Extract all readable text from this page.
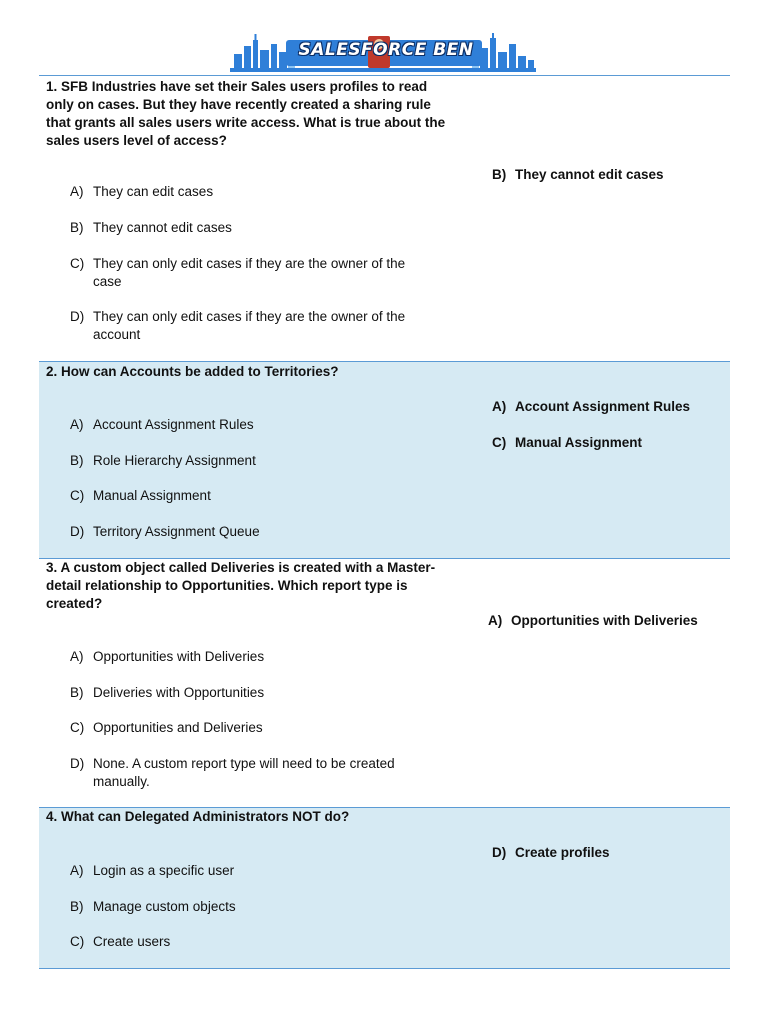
SALESFORCE BEN
1. SFB Industries have set their Sales users profiles to read only on cases. But they have recently created a sharing rule that grants all sales users write access. What is true about the sales users level of access?
A) They can edit cases
B) They cannot edit cases
C) They can only edit cases if they are the owner of the case
D) They can only edit cases if they are the owner of the account
B) They cannot edit cases
2. How can Accounts be added to Territories?
A) Account Assignment Rules
B) Role Hierarchy Assignment
C) Manual Assignment
D) Territory Assignment Queue
A) Account Assignment Rules
C) Manual Assignment
3. A custom object called Deliveries is created with a Master-detail relationship to Opportunities. Which report type is created?
A) Opportunities with Deliveries
B) Deliveries with Opportunities
C) Opportunities and Deliveries
D) None. A custom report type will need to be created manually.
A) Opportunities with Deliveries
4. What can Delegated Administrators NOT do?
A) Login as a specific user
B) Manage custom objects
C) Create users
D) Create profiles
